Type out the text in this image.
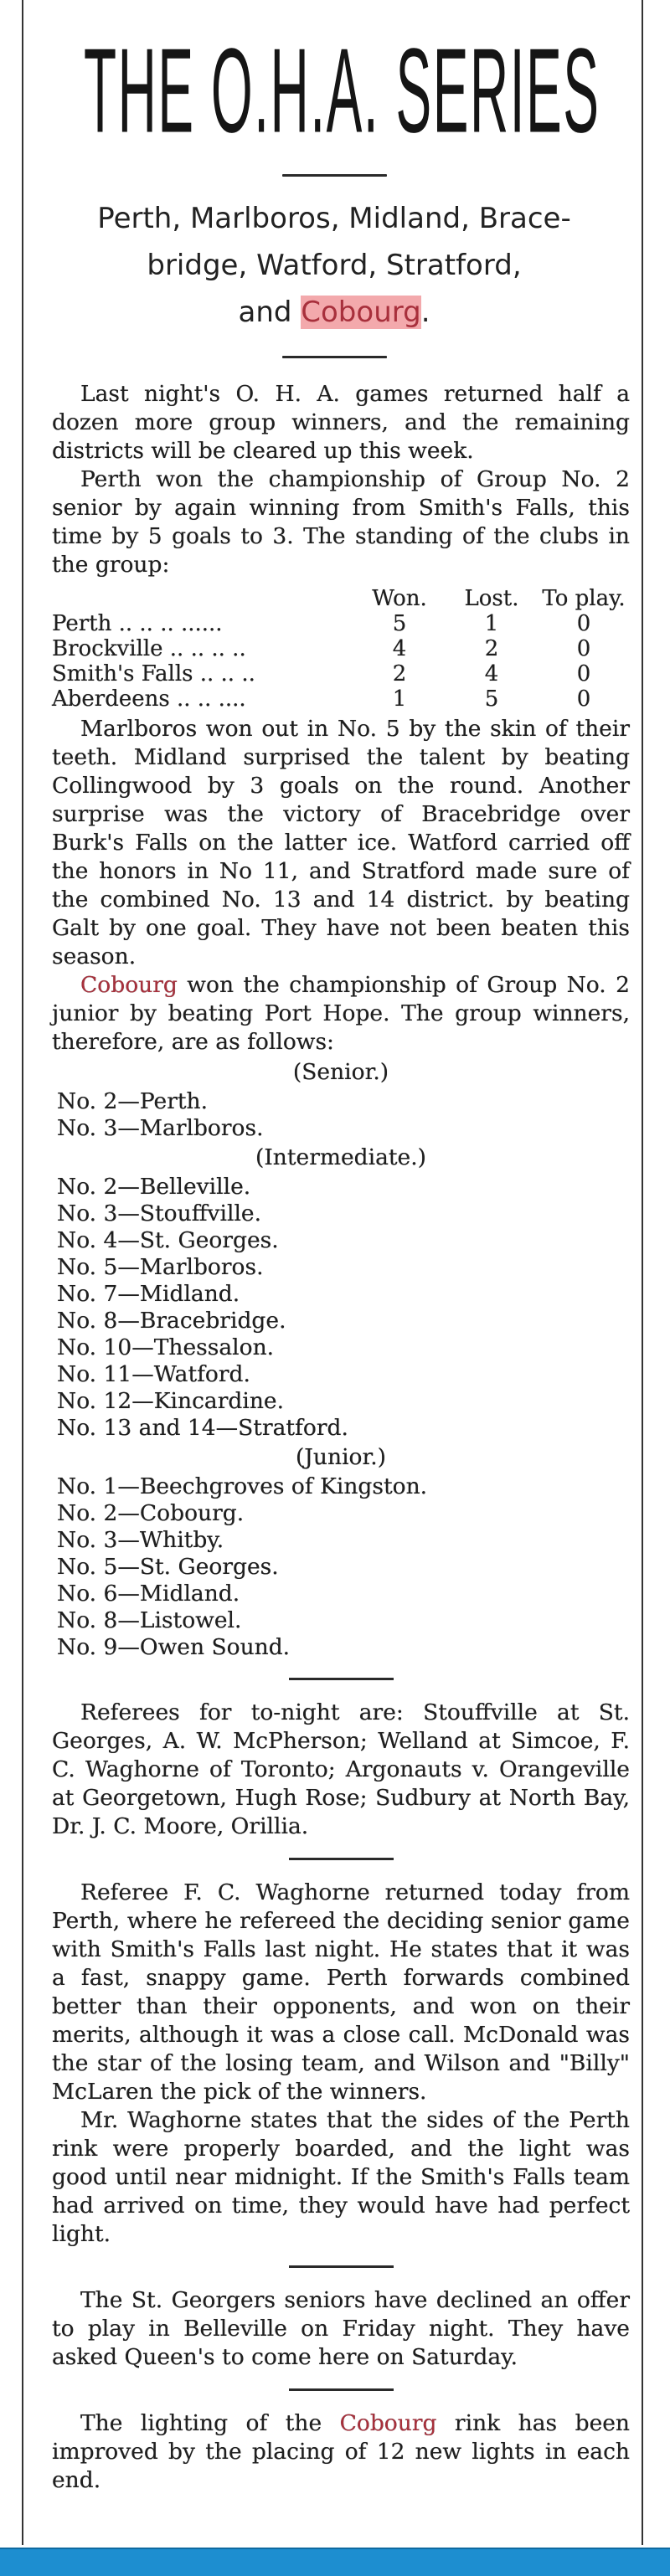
THE O.H.A. SERIES
Perth, Marlboros, Midland, Brace-
bridge, Watford, Stratford,
and Cobourg.

Last night's O. H. A. games returned half a dozen more group winners, and the remaining districts will be cleared up this week.

Perth won the championship of Group No. 2 senior by again winning from Smith's Falls, this time by 5 goals to 3. The standing of the clubs in the group:

	Won.	Lost.	To play.
Perth .. .. .. ......	5	1	0
Brockville .. .. .. ..	4	2	0
Smith's Falls .. .. ..	2	4	0
Aberdeens .. .. ....	1	5	0

Marlboros won out in No. 5 by the skin of their teeth. Midland surprised the talent by beating Collingwood by 3 goals on the round. Another surprise was the victory of Bracebridge over Burk's Falls on the latter ice. Watford carried off the honors in No 11, and Stratford made sure of the combined No. 13 and 14 district. by beating Galt by one goal. They have not been beaten this season.

Cobourg won the championship of Group No. 2 junior by beating Port Hope. The group winners, therefore, are as follows:

(Senior.)
No. 2—Perth.
No. 3—Marlboros.
(Intermediate.)
No. 2—Belleville.
No. 3—Stouffville.
No. 4—St. Georges.
No. 5—Marlboros.
No. 7—Midland.
No. 8—Bracebridge.
No. 10—Thessalon.
No. 11—Watford.
No. 12—Kincardine.
No. 13 and 14—Stratford.
(Junior.)
No. 1—Beechgroves of Kingston.
No. 2—Cobourg.
No. 3—Whitby.
No. 5—St. Georges.
No. 6—Midland.
No. 8—Listowel.
No. 9—Owen Sound.

Referees for to-night are: Stouffville at St. Georges, A. W. McPherson; Welland at Simcoe, F. C. Waghorne of Toronto; Argonauts v. Orangeville at Georgetown, Hugh Rose; Sudbury at North Bay, Dr. J. C. Moore, Orillia.

Referee F. C. Waghorne returned today from Perth, where he refereed the deciding senior game with Smith's Falls last night. He states that it was a fast, snappy game. Perth forwards combined better than their opponents, and won on their merits, although it was a close call. McDonald was the star of the losing team, and Wilson and "Billy" McLaren the pick of the winners.

Mr. Waghorne states that the sides of the Perth rink were properly boarded, and the light was good until near midnight. If the Smith's Falls team had arrived on time, they would have had perfect light.

The St. Georgers seniors have declined an offer to play in Belleville on Friday night. They have asked Queen's to come here on Saturday.

The lighting of the Cobourg rink has been improved by the placing of 12 new lights in each end.
